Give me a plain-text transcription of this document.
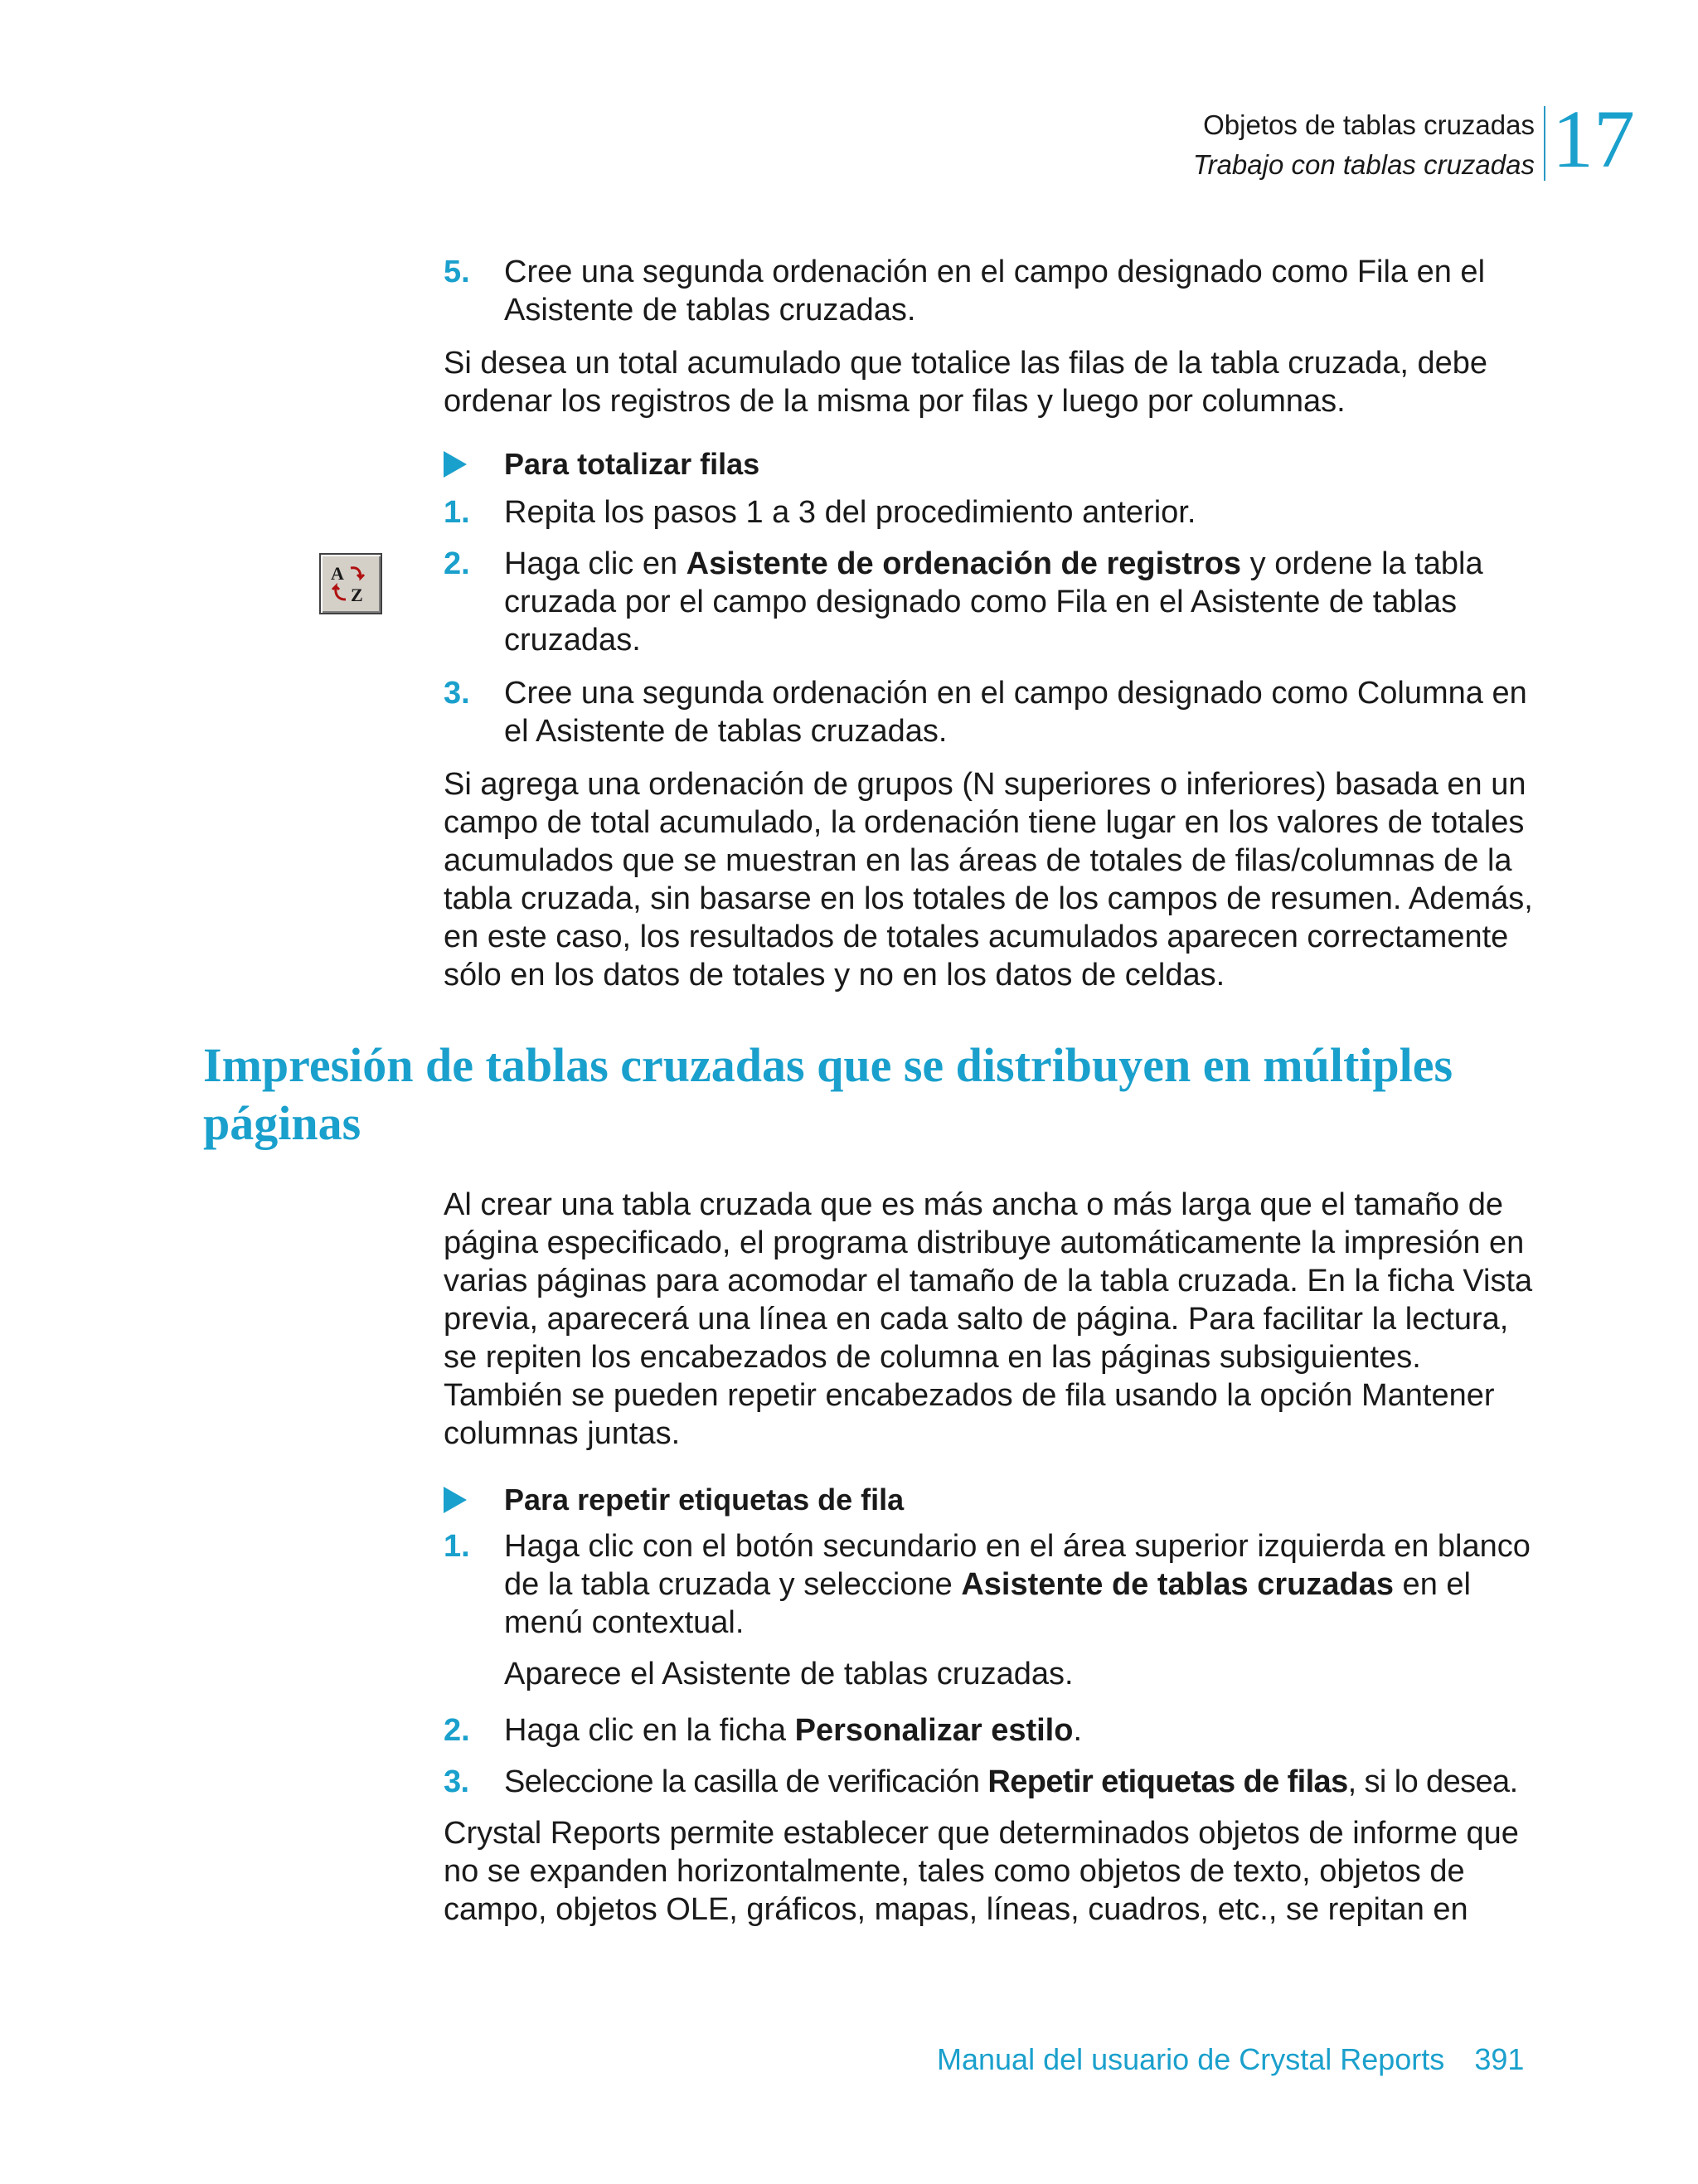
Objetos de tablas cruzadas
Trabajo con tablas cruzadas 17
5. Cree una segunda ordenación en el campo designado como Fila en el Asistente de tablas cruzadas.

Si desea un total acumulado que totalice las filas de la tabla cruzada, debe ordenar los registros de la misma por filas y luego por columnas.

Para totalizar filas
1. Repita los pasos 1 a 3 del procedimiento anterior.
A
Z
2. Haga clic en Asistente de ordenación de registros y ordene la tabla cruzada por el campo designado como Fila en el Asistente de tablas cruzadas.
3. Cree una segunda ordenación en el campo designado como Columna en el Asistente de tablas cruzadas.

Si agrega una ordenación de grupos (N superiores o inferiores) basada en un campo de total acumulado, la ordenación tiene lugar en los valores de totales acumulados que se muestran en las áreas de totales de filas/columnas de la tabla cruzada, sin basarse en los totales de los campos de resumen. Además, en este caso, los resultados de totales acumulados aparecen correctamente sólo en los datos de totales y no en los datos de celdas.

Impresión de tablas cruzadas que se distribuyen en múltiples páginas

Al crear una tabla cruzada que es más ancha o más larga que el tamaño de página especificado, el programa distribuye automáticamente la impresión en varias páginas para acomodar el tamaño de la tabla cruzada. En la ficha Vista previa, aparecerá una línea en cada salto de página. Para facilitar la lectura, se repiten los encabezados de columna en las páginas subsiguientes. También se pueden repetir encabezados de fila usando la opción Mantener columnas juntas.

Para repetir etiquetas de fila
1. Haga clic con el botón secundario en el área superior izquierda en blanco de la tabla cruzada y seleccione Asistente de tablas cruzadas en el menú contextual.
Aparece el Asistente de tablas cruzadas.
2. Haga clic en la ficha Personalizar estilo.
3. Seleccione la casilla de verificación Repetir etiquetas de filas, si lo desea.

Crystal Reports permite establecer que determinados objetos de informe que no se expanden horizontalmente, tales como objetos de texto, objetos de campo, objetos OLE, gráficos, mapas, líneas, cuadros, etc., se repitan en

Manual del usuario de Crystal Reports 391
